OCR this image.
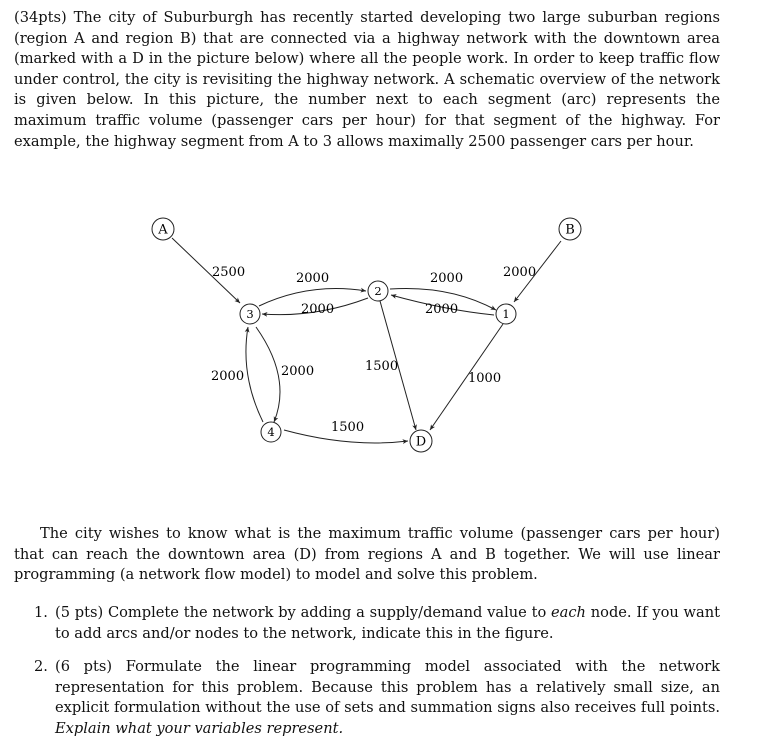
(34pts) The city of Suburburgh has recently started developing two large suburban regions (region A and region B) that are connected via a highway network with the downtown area (marked with a D in the picture below) where all the people work. In order to keep traffic flow under control, the city is revisiting the highway network. A schematic overview of the network is given below. In this picture, the number next to each segment (arc) represents the maximum traffic volume (passenger cars per hour) for that segment of the highway. For example, the highway segment from A to 3 allows maximally 2500 passenger cars per hour.

2500	2000
2000
2000
2000
2000
2000
2000
1500
1500
1000
A	B
3
2
1
4
D

The city wishes to know what is the maximum traffic volume (passenger cars per hour) that can reach the downtown area (D) from regions A and B together. We will use linear programming (a network flow model) to model and solve this problem.

1. (5 pts) Complete the network by adding a supply/demand value to each node. If you want to add arcs and/or nodes to the network, indicate this in the figure.
2. (6 pts) Formulate the linear programming model associated with the network representation for this problem. Because this problem has a relatively small size, an explicit formulation without the use of sets and summation signs also receives full points. Explain what your variables represent.
